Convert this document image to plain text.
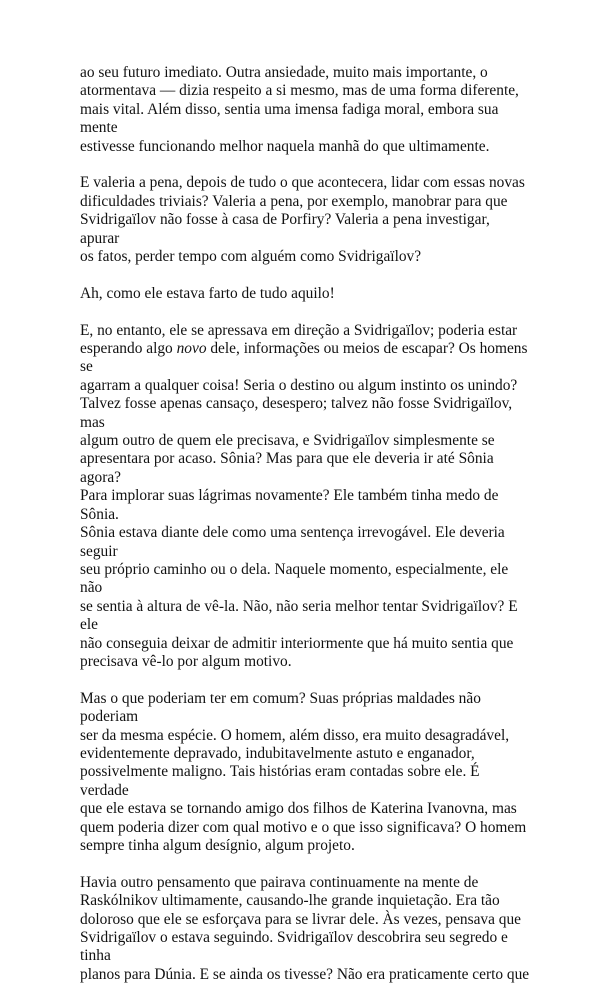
ao seu futuro imediato. Outra ansiedade, muito mais importante, o
atormentava — dizia respeito a si mesmo, mas de uma forma diferente,
mais vital. Além disso, sentia uma imensa fadiga moral, embora sua mente
estivesse funcionando melhor naquela manhã do que ultimamente.

E valeria a pena, depois de tudo o que acontecera, lidar com essas novas
dificuldades triviais? Valeria a pena, por exemplo, manobrar para que
Svidrigaïlov não fosse à casa de Porfiry? Valeria a pena investigar, apurar
os fatos, perder tempo com alguém como Svidrigaïlov?

Ah, como ele estava farto de tudo aquilo!

E, no entanto, ele se apressava em direção a Svidrigaïlov; poderia estar
esperando algo novo dele, informações ou meios de escapar? Os homens se
agarram a qualquer coisa! Seria o destino ou algum instinto os unindo?
Talvez fosse apenas cansaço, desespero; talvez não fosse Svidrigaïlov, mas
algum outro de quem ele precisava, e Svidrigaïlov simplesmente se
apresentara por acaso. Sônia? Mas para que ele deveria ir até Sônia agora?
Para implorar suas lágrimas novamente? Ele também tinha medo de Sônia.
Sônia estava diante dele como uma sentença irrevogável. Ele deveria seguir
seu próprio caminho ou o dela. Naquele momento, especialmente, ele não
se sentia à altura de vê-la. Não, não seria melhor tentar Svidrigaïlov? E ele
não conseguia deixar de admitir interiormente que há muito sentia que
precisava vê-lo por algum motivo.

Mas o que poderiam ter em comum? Suas próprias maldades não poderiam
ser da mesma espécie. O homem, além disso, era muito desagradável,
evidentemente depravado, indubitavelmente astuto e enganador,
possivelmente maligno. Tais histórias eram contadas sobre ele. É verdade
que ele estava se tornando amigo dos filhos de Katerina Ivanovna, mas
quem poderia dizer com qual motivo e o que isso significava? O homem
sempre tinha algum desígnio, algum projeto.

Havia outro pensamento que pairava continuamente na mente de
Raskólnikov ultimamente, causando-lhe grande inquietação. Era tão
doloroso que ele se esforçava para se livrar dele. Às vezes, pensava que
Svidrigaïlov o estava seguindo. Svidrigaïlov descobrira seu segredo e tinha
planos para Dúnia. E se ainda os tivesse? Não era praticamente certo que
